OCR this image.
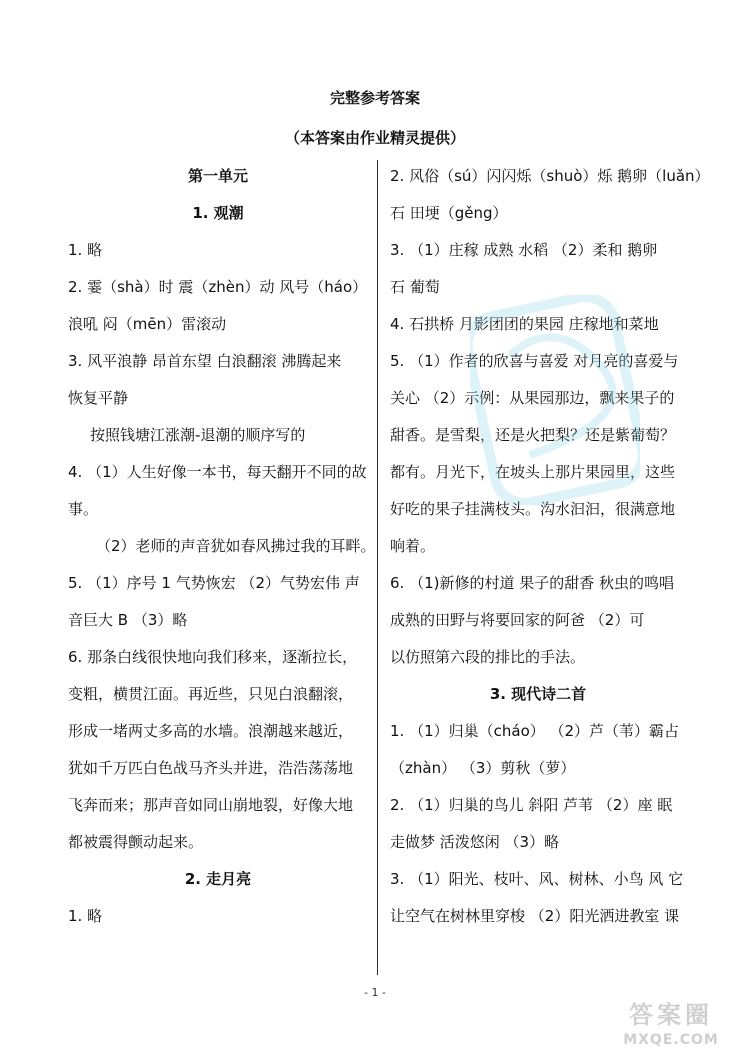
完整参考答案
（本答案由作业精灵提供）
第一单元
1. 观潮
1. 略
2. 霎（shà）时 震（zhèn）动 风号（háo）
浪吼 闷（mēn）雷滚动
3. 风平浪静 昂首东望 白浪翻滚 沸腾起来
恢复平静
按照钱塘江涨潮-退潮的顺序写的
4. （1）人生好像一本书，每天翻开不同的故
事。
（2）老师的声音犹如春风拂过我的耳畔。
5. （1）序号 1 气势恢宏 （2）气势宏伟 声
音巨大 B （3）略
6. 那条白线很快地向我们移来，逐渐拉长，
变粗，横贯江面。再近些，只见白浪翻滚，
形成一堵两丈多高的水墙。浪潮越来越近，
犹如千万匹白色战马齐头并进，浩浩荡荡地
飞奔而来；那声音如同山崩地裂，好像大地
都被震得颤动起来。
2. 走月亮
1. 略
2. 风俗（sú）闪闪烁（shuò）烁 鹅卵（luǎn）
石 田埂（gěng）
3. （1）庄稼 成熟 水稻 （2）柔和 鹅卵
石 葡萄
4. 石拱桥 月影团团的果园 庄稼地和菜地
5. （1）作者的欣喜与喜爱 对月亮的喜爱与
关心 （2）示例：从果园那边，飘来果子的
甜香。是雪梨，还是火把梨？还是紫葡萄？
都有。月光下，在坡头上那片果园里，这些
好吃的果子挂满枝头。沟水汩汩，很满意地
响着。
6. （1)新修的村道 果子的甜香 秋虫的鸣唱
成熟的田野与将要回家的阿爸 （2）可
以仿照第六段的排比的手法。
3. 现代诗二首
1. （1）归巢（cháo） （2）芦（苇）霸占
（zhàn） （3）剪秋（萝）
2. （1）归巢的鸟儿 斜阳 芦苇 （2）座 眠
走做梦 活泼悠闲 （3）略
3. （1）阳光、枝叶、风、树林、小鸟 风 它
让空气在树林里穿梭 （2）阳光洒进教室 课
- 1 -
答案圈
MXQE.COM
